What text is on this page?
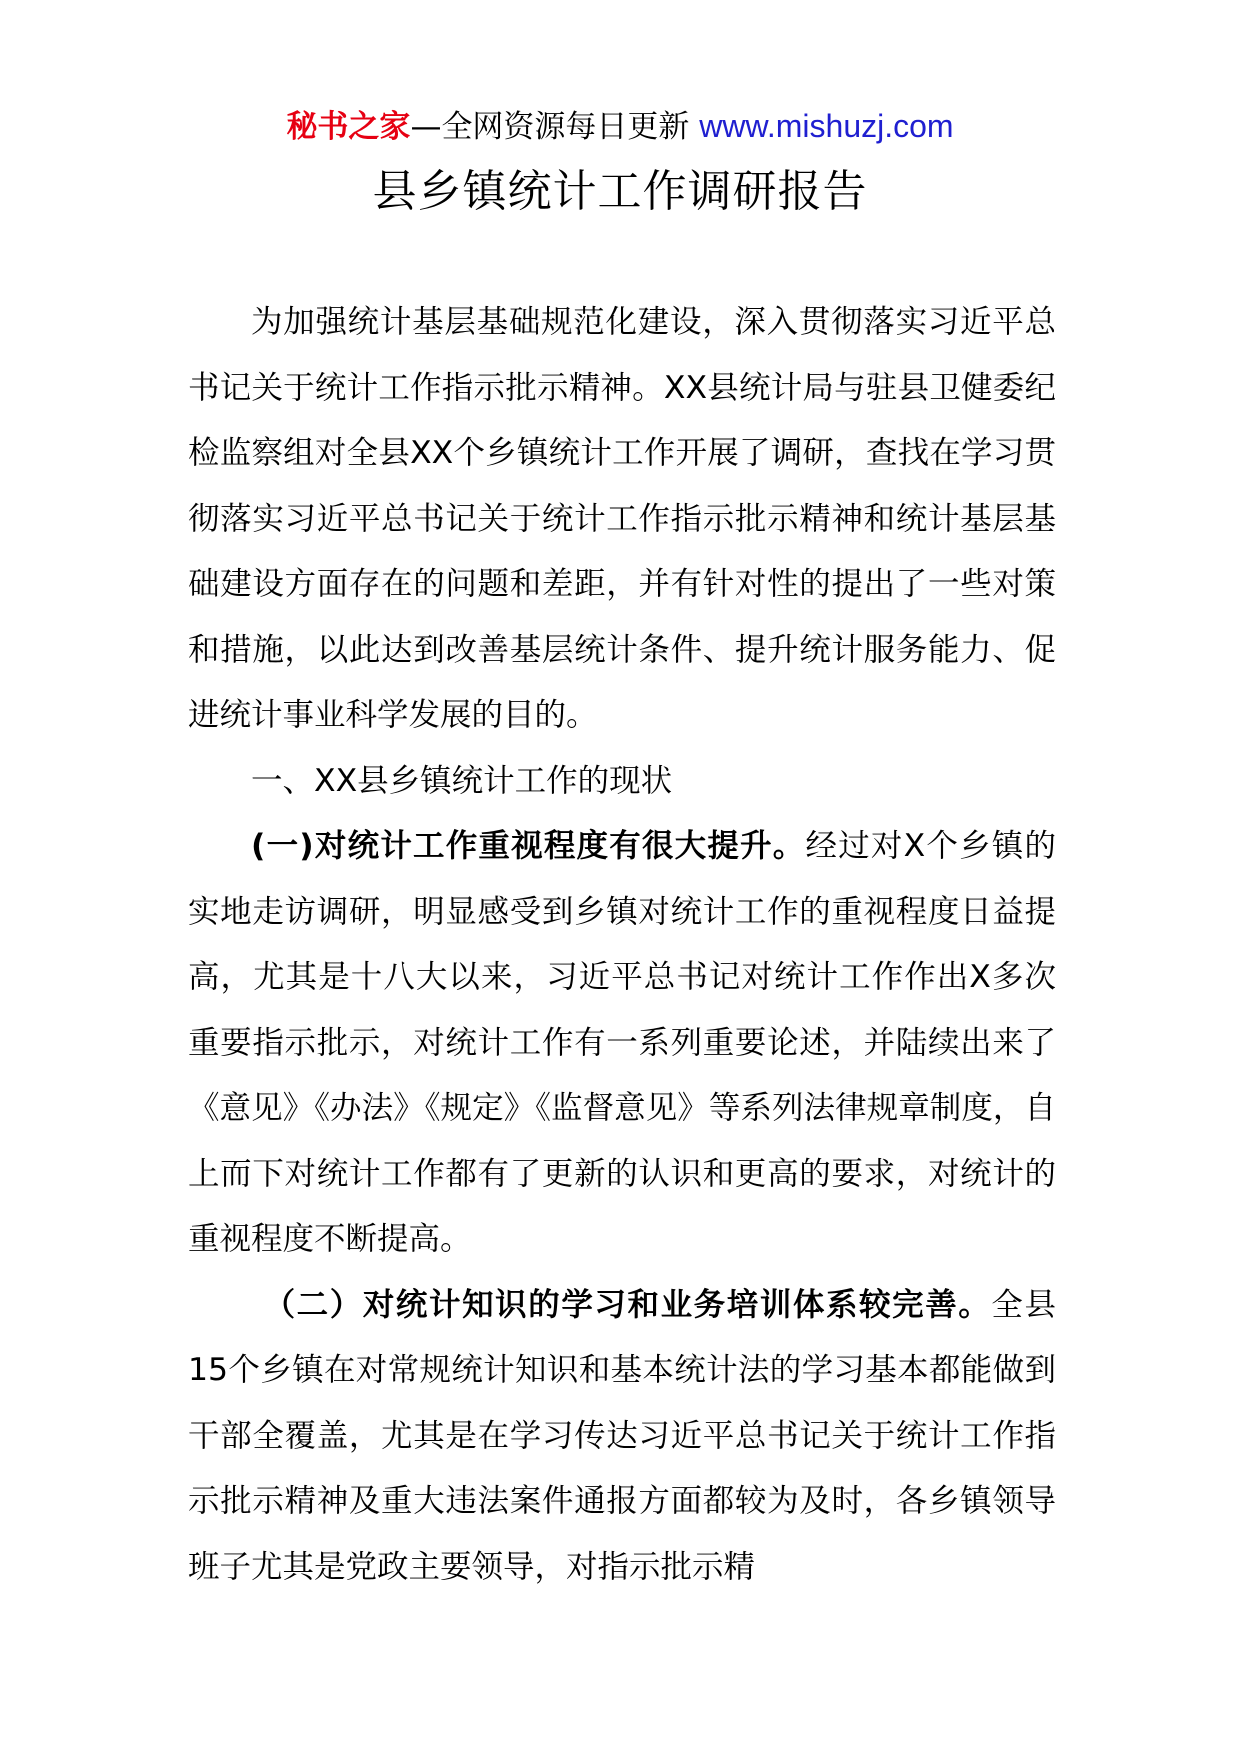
秘书之家—全网资源每日更新 www.mishuzj.com
县乡镇统计工作调研报告

为加强统计基层基础规范化建设，深入贯彻落实习近平总书记关于统计工作指示批示精神。XX县统计局与驻县卫健委纪检监察组对全县XX个乡镇统计工作开展了调研，查找在学习贯彻落实习近平总书记关于统计工作指示批示精神和统计基层基础建设方面存在的问题和差距，并有针对性的提出了一些对策和措施，以此达到改善基层统计条件、提升统计服务能力、促进统计事业科学发展的目的。

一、XX县乡镇统计工作的现状

(一)对统计工作重视程度有很大提升。经过对X个乡镇的实地走访调研，明显感受到乡镇对统计工作的重视程度日益提高，尤其是十八大以来，习近平总书记对统计工作作出X多次重要指示批示，对统计工作有一系列重要论述，并陆续出来了《意见》《办法》《规定》《监督意见》等系列法律规章制度，自上而下对统计工作都有了更新的认识和更高的要求，对统计的重视程度不断提高。

（二）对统计知识的学习和业务培训体系较完善。全县15个乡镇在对常规统计知识和基本统计法的学习基本都能做到干部全覆盖，尤其是在学习传达习近平总书记关于统计工作指示批示精神及重大违法案件通报方面都较为及时，各乡镇领导班子尤其是党政主要领导，对指示批示精
